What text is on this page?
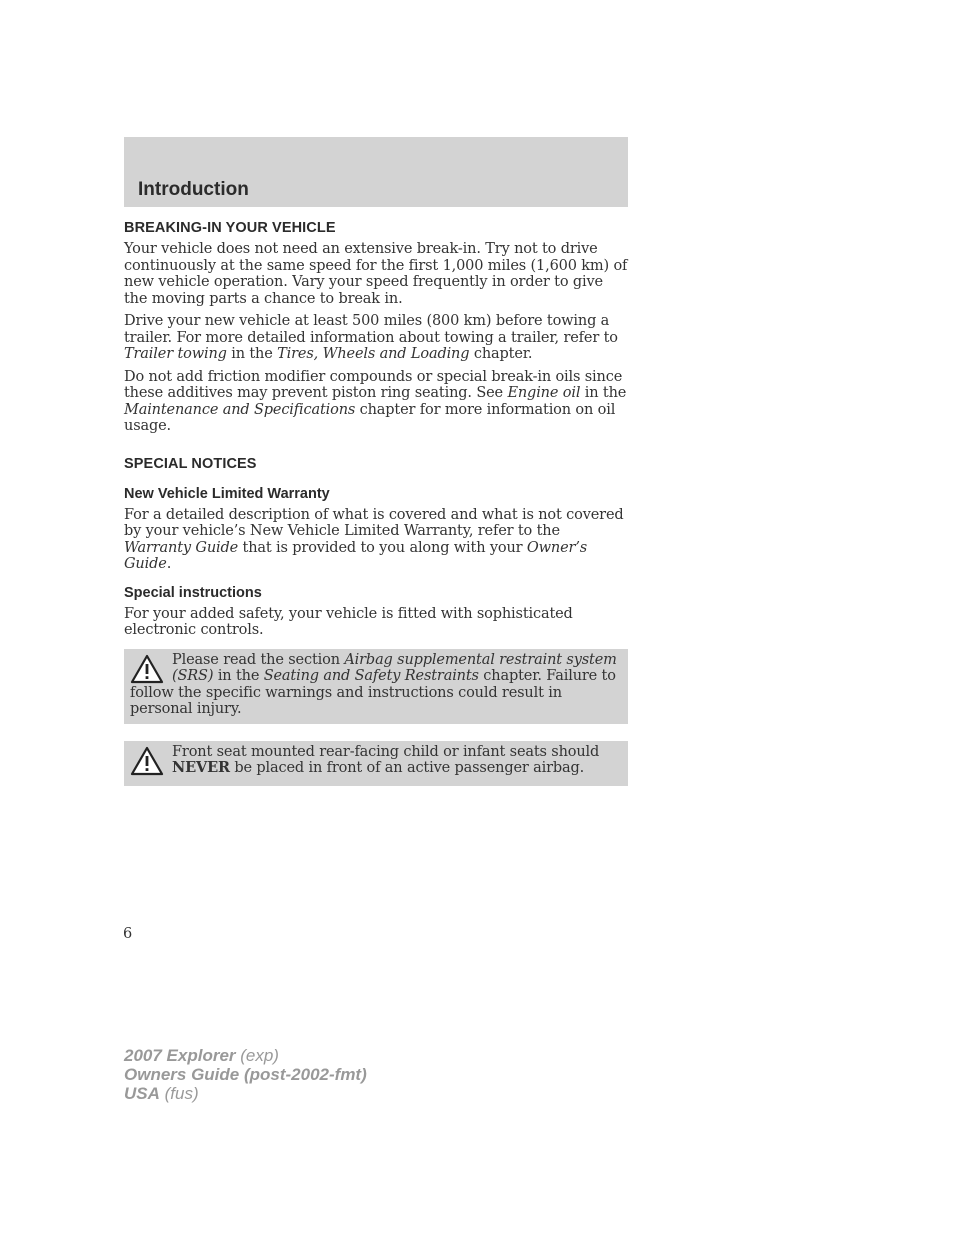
Introduction
BREAKING-IN YOUR VEHICLE

Your vehicle does not need an extensive break-in. Try not to drive continuously at the same speed for the first 1,000 miles (1,600 km) of new vehicle operation. Vary your speed frequently in order to give the moving parts a chance to break in.

Drive your new vehicle at least 500 miles (800 km) before towing a trailer. For more detailed information about towing a trailer, refer to Trailer towing in the Tires, Wheels and Loading chapter.

Do not add friction modifier compounds or special break-in oils since these additives may prevent piston ring seating. See Engine oil in the Maintenance and Specifications chapter for more information on oil usage.

SPECIAL NOTICES
New Vehicle Limited Warranty

For a detailed description of what is covered and what is not covered by your vehicle’s New Vehicle Limited Warranty, refer to the Warranty Guide that is provided to you along with your Owner’s Guide.

Special instructions

For your added safety, your vehicle is fitted with sophisticated electronic controls.

Please read the section Airbag supplemental restraint system (SRS) in the Seating and Safety Restraints chapter. Failure to follow the specific warnings and instructions could result in personal injury.
Front seat mounted rear-facing child or infant seats should NEVER be placed in front of an active passenger airbag.
6
2007 Explorer (exp)
Owners Guide (post-2002-fmt)
USA (fus)
